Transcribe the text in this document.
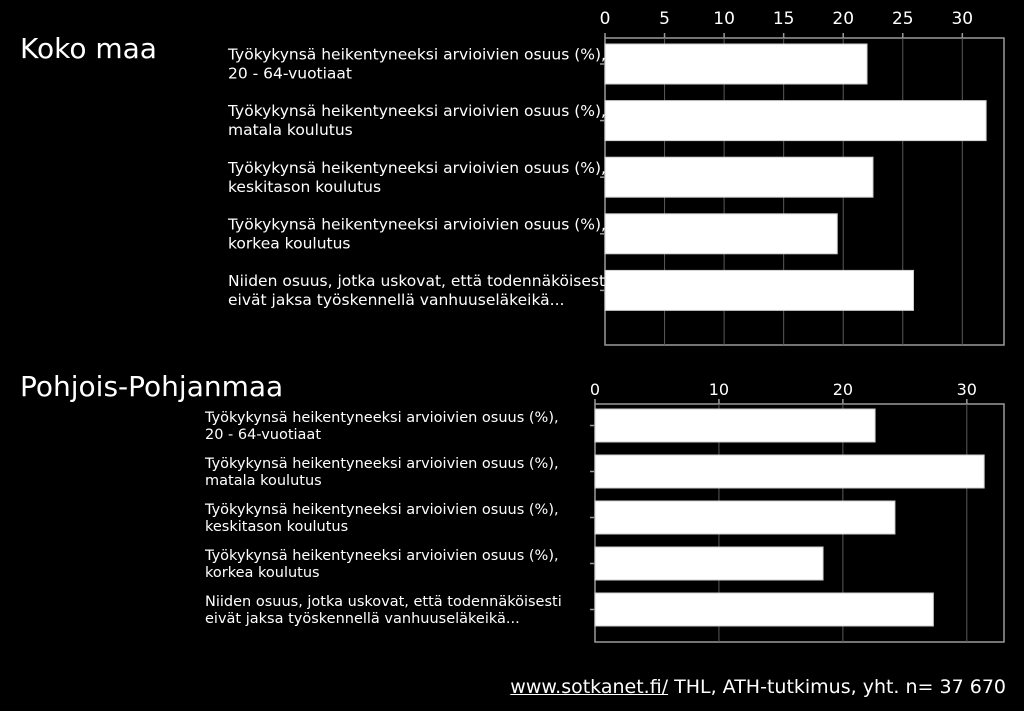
Koko maa
Pohjois-Pohjanmaa
0	5	10 15 20 25 30
Työkykynsä heikentyneeksi arvioivien osuus (%),
20 - 64-vuotiaat
Työkykynsä heikentyneeksi arvioivien osuus (%),
matala koulutus
Työkykynsä heikentyneeksi arvioivien osuus (%),
keskitason koulutus
Työkykynsä heikentyneeksi arvioivien osuus (%),
korkea koulutus
Niiden osuus, jotka uskovat, että todennäköisesti
eivät jaksa työskennellä vanhuuseläkeikä...
0	10	20	30
Työkykynsä heikentyneeksi arvioivien osuus (%),
20 - 64-vuotiaat
Työkykynsä heikentyneeksi arvioivien osuus (%),
matala koulutus
Työkykynsä heikentyneeksi arvioivien osuus (%),
keskitason koulutus
Työkykynsä heikentyneeksi arvioivien osuus (%),
korkea koulutus
Niiden osuus, jotka uskovat, että todennäköisesti
eivät jaksa työskennellä vanhuuseläkeikä...
www.sotkanet.fi/ THL, ATH-tutkimus, yht. n= 37 670
